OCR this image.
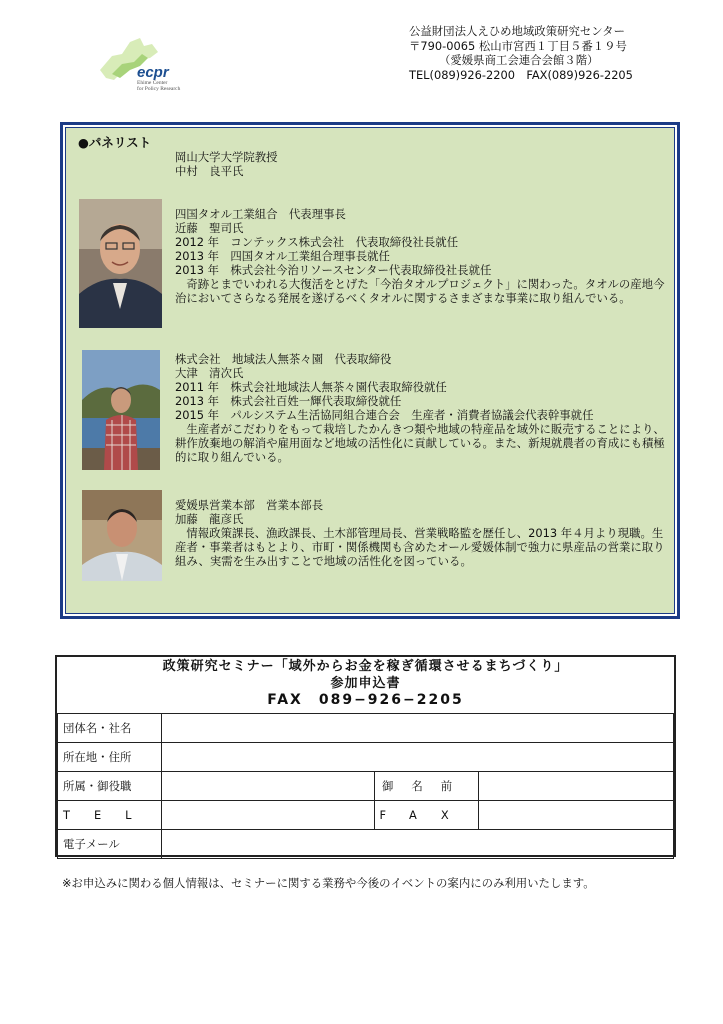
ecpr
Ehime Center
for Policy Research
公益財団法人えひめ地域政策研究センター
〒790-0065 松山市宮西１丁目５番１９号
（愛媛県商工会連合会館３階）
TEL(089)926-2200　FAX(089)926-2205
●パネリスト
岡山大学大学院教授
中村　良平氏
四国タオル工業組合　代表理事長
近藤　聖司氏
2012 年　コンテックス株式会社　代表取締役社長就任
2013 年　四国タオル工業組合理事長就任
2013 年　株式会社今治リソースセンター代表取締役社長就任
　奇跡とまでいわれる大復活をとげた「今治タオルプロジェクト」に関わった。タオルの産地今治においてさらなる発展を遂げるべくタオルに関するさまざまな事業に取り組んでいる。
株式会社　地域法人無茶々園　代表取締役
大津　清次氏
2011 年　株式会社地域法人無茶々園代表取締役就任
2013 年　株式会社百姓一輝代表取締役就任
2015 年　パルシステム生活協同組合連合会　生産者・消費者協議会代表幹事就任
　生産者がこだわりをもって栽培したかんきつ類や地域の特産品を域外に販売することにより、耕作放棄地の解消や雇用面など地域の活性化に貢献している。また、新規就農者の育成にも積極的に取り組んでいる。
愛媛県営業本部　営業本部長
加藤　龍彦氏
　情報政策課長、漁政課長、土木部管理局長、営業戦略監を歴任し、2013 年４月より現職。生産者・事業者はもとより、市町・関係機関も含めたオール愛媛体制で強力に県産品の営業に取り組み、実需を生み出すことで地域の活性化を図っている。
政策研究セミナー「域外からお金を稼ぎ循環させるまちづくり」
参加申込書
FAX　089−926−2205
団体名・社名			
所在地・住所			
所属・御役職		御名前	
TEL		FAX	
電子メール			
※お申込みに関わる個人情報は、セミナーに関する業務や今後のイベントの案内にのみ利用いたします。
